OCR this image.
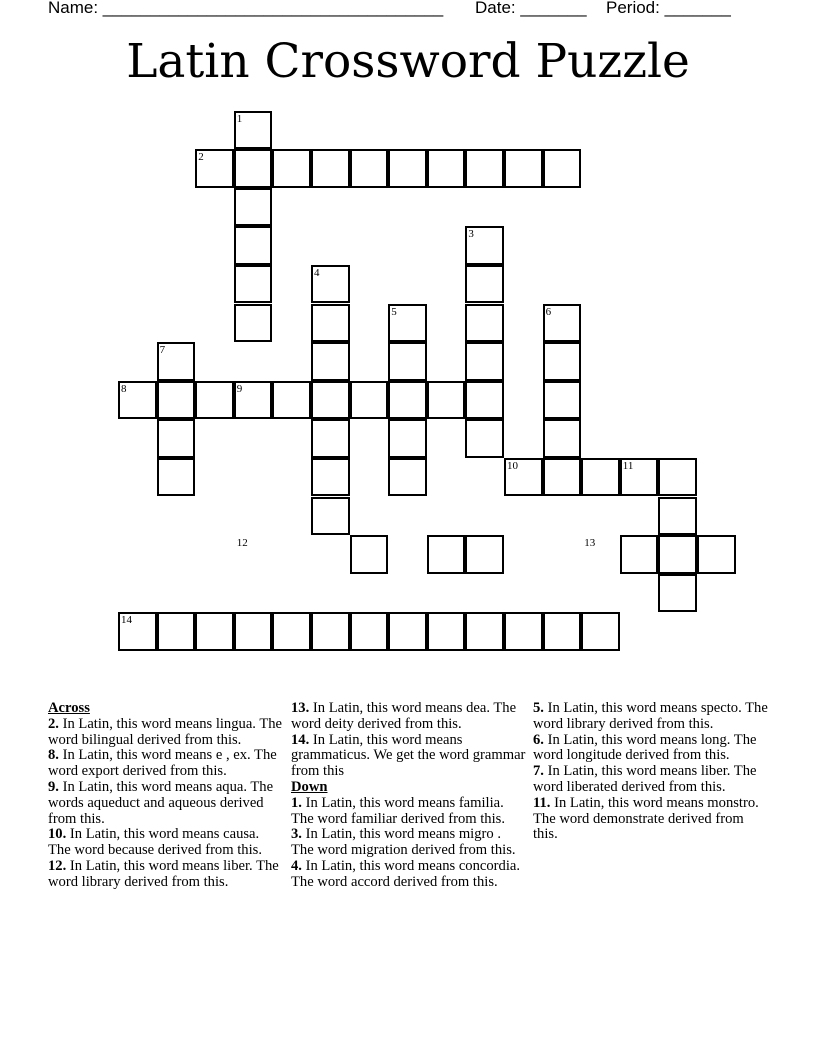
Name: ____________________________________ Date: _______ Period: _______
Latin Crossword Puzzle
1
2
3
4
5	6
7
8	9
10	11
12	13
14
Across
2. In Latin, this word means lingua. The word bilingual derived from this.
8. In Latin, this word means e , ex. The word export derived from this.
9. In Latin, this word means aqua. The words aqueduct and aqueous derived from this.
10. In Latin, this word means causa. The word because derived from this.
12. In Latin, this word means liber. The word library derived from this.
13. In Latin, this word means dea. The word deity derived from this.
14. In Latin, this word means grammaticus. We get the word grammar from this
Down
1. In Latin, this word means familia. The word familiar derived from this.
3. In Latin, this word means migro . The word migration derived from this.
4. In Latin, this word means concordia. The word accord derived from this.
5. In Latin, this word means specto. The word library derived from this.
6. In Latin, this word means long. The word longitude derived from this.
7. In Latin, this word means liber. The word liberated derived from this.
11. In Latin, this word means monstro. The word demonstrate derived from this.
